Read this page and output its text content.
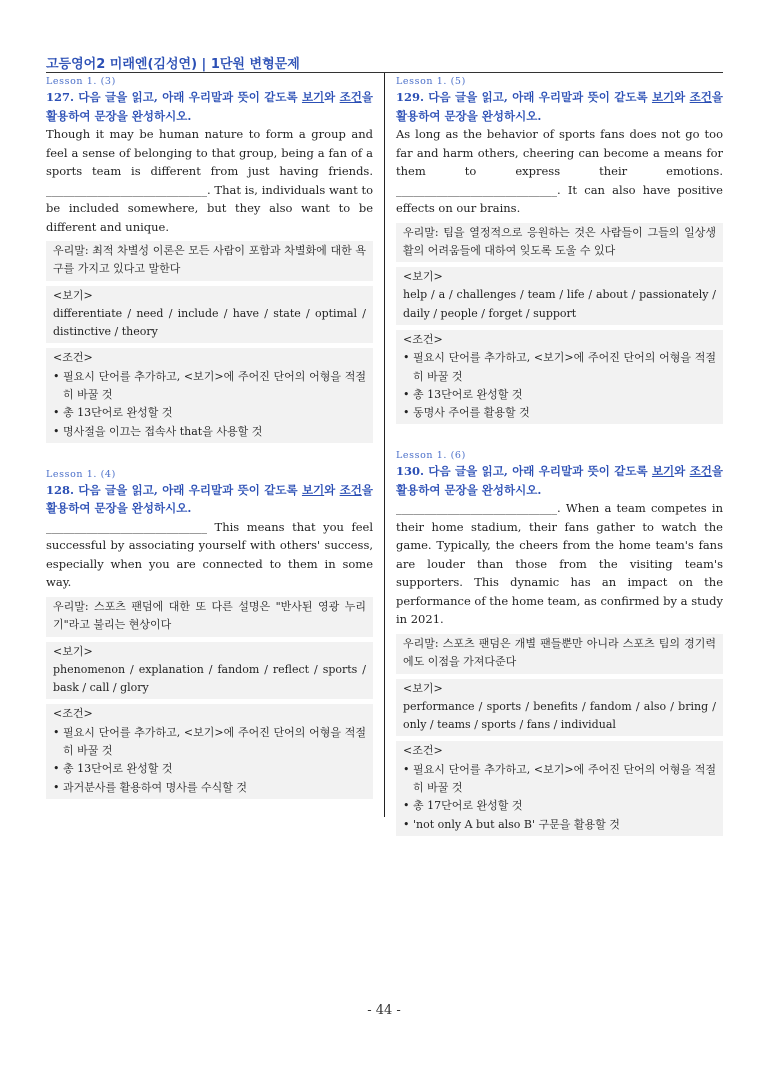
고등영어2 미래엔(김성연) | 1단원 변형문제
Lesson 1. (3)
127. 다음 글을 읽고, 아래 우리말과 뜻이 같도록 보기와 조건을 활용하여 문장을 완성하시오.
Though it may be human nature to form a group and feel a sense of belonging to that group, being a fan of a sports team is different from just having friends. ____________________________. That is, individuals want to be included somewhere, but they also want to be different and unique.
우리말: 최적 차별성 이론은 모든 사람이 포함과 차별화에 대한 욕구를 가지고 있다고 말한다
<보기>
differentiate / need / include / have / state / optimal / distinctive / theory
<조건>
• 필요시 단어를 추가하고, <보기>에 주어진 단어의 어형을 적절히 바꿀 것
• 총 13단어로 완성할 것
• 명사절을 이끄는 접속사 that을 사용할 것
Lesson 1. (4)
128. 다음 글을 읽고, 아래 우리말과 뜻이 같도록 보기와 조건을 활용하여 문장을 완성하시오.
____________________________ This means that you feel successful by associating yourself with others' success, especially when you are connected to them in some way.
우리말: 스포츠 팬덤에 대한 또 다른 설명은 "반사된 영광 누리기"라고 불리는 현상이다
<보기>
phenomenon / explanation / fandom / reflect / sports / bask / call / glory
<조건>
• 필요시 단어를 추가하고, <보기>에 주어진 단어의 어형을 적절히 바꿀 것
• 총 13단어로 완성할 것
• 과거분사를 활용하여 명사를 수식할 것
Lesson 1. (5)
129. 다음 글을 읽고, 아래 우리말과 뜻이 같도록 보기와 조건을 활용하여 문장을 완성하시오.
As long as the behavior of sports fans does not go too far and harm others, cheering can become a means for them to express their emotions. ____________________________. It can also have positive effects on our brains.
우리말: 팀을 열정적으로 응원하는 것은 사람들이 그들의 일상생활의 어려움들에 대하여 잊도록 도울 수 있다
<보기>
help / a / challenges / team / life / about / passionately / daily / people / forget / support
<조건>
• 필요시 단어를 추가하고, <보기>에 주어진 단어의 어형을 적절히 바꿀 것
• 총 13단어로 완성할 것
• 동명사 주어를 활용할 것
Lesson 1. (6)
130. 다음 글을 읽고, 아래 우리말과 뜻이 같도록 보기와 조건을 활용하여 문장을 완성하시오.
____________________________. When a team competes in their home stadium, their fans gather to watch the game. Typically, the cheers from the home team's fans are louder than those from the visiting team's supporters. This dynamic has an impact on the performance of the home team, as confirmed by a study in 2021.
우리말: 스포츠 팬덤은 개별 팬들뿐만 아니라 스포츠 팀의 경기력에도 이점을 가져다준다
<보기>
performance / sports / benefits / fandom / also / bring / only / teams / sports / fans / individual
<조건>
• 필요시 단어를 추가하고, <보기>에 주어진 단어의 어형을 적절히 바꿀 것
• 총 17단어로 완성할 것
• 'not only A but also B' 구문을 활용할 것
- 44 -
